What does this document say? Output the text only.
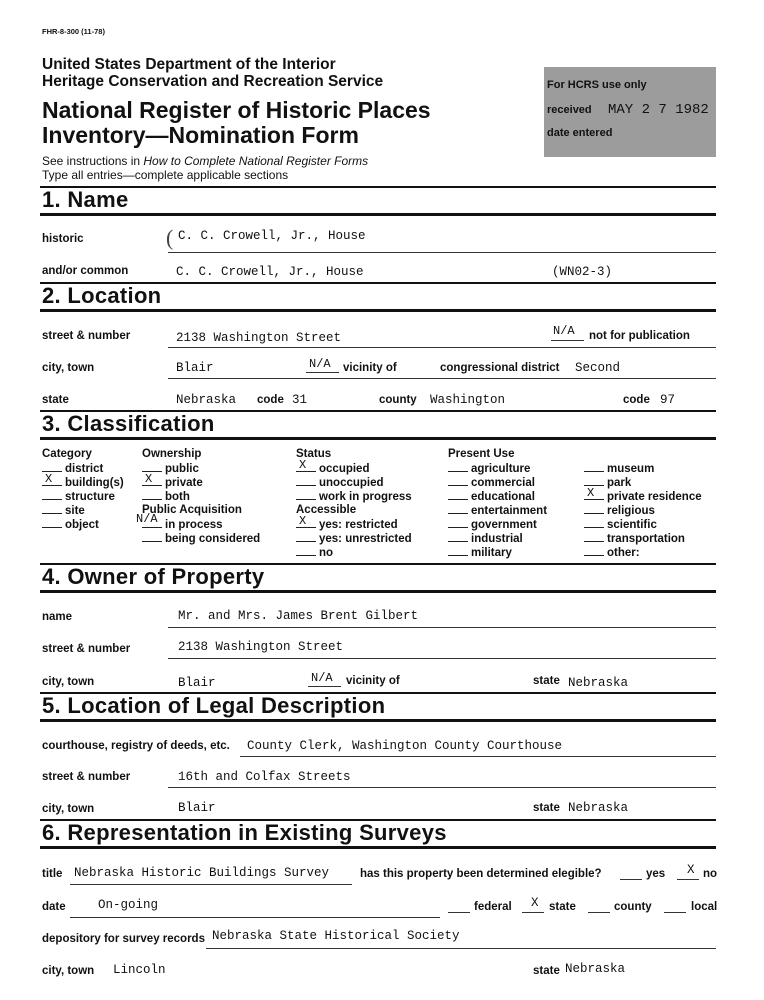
FHR-8-300 (11-78)
United States Department of the Interior
Heritage Conservation and Recreation Service
National Register of Historic Places
Inventory—Nomination Form
See instructions in How to Complete National Register Forms
Type all entries—complete applicable sections
For HCRS use only
received MAY 2 7 1982
date entered
1. Name
historic	( C. C. Crowell, Jr., House
and/or common	C. C. Crowell, Jr., House	(WN02-3)
2. Location
street & number	2138 Washington Street	N/A not for publication
city, town	Blair	N/A vicinity of	congressional district Second
state	Nebraska code 31	county Washington	code 97
3. Classification
Category
district
X building(s)
structure
site
object
Ownership
public
X private
both
Public Acquisition
N/A in process
being considered
Status
X occupied
unoccupied
work in progress
Accessible
X yes: restricted
yes: unrestricted
no
Present Use
agriculture
commercial
educational
entertainment
government
industrial
military
museum
park
X private residence
religious
scientific
transportation
other:
4. Owner of Property
name	Mr. and Mrs. James Brent Gilbert
street & number	2138 Washington Street
city, town	Blair	N/A vicinity of	state Nebraska
5. Location of Legal Description
courthouse, registry of deeds, etc. County Clerk, Washington County Courthouse
street & number	16th and Colfax Streets
city, town	Blair	state Nebraska
6. Representation in Existing Surveys
title Nebraska Historic Buildings Survey	has this property been determined elegible?	yes X no
date	On-going	federal X state	county	local
depository for survey records Nebraska State Historical Society
city, town Lincoln	state Nebraska
